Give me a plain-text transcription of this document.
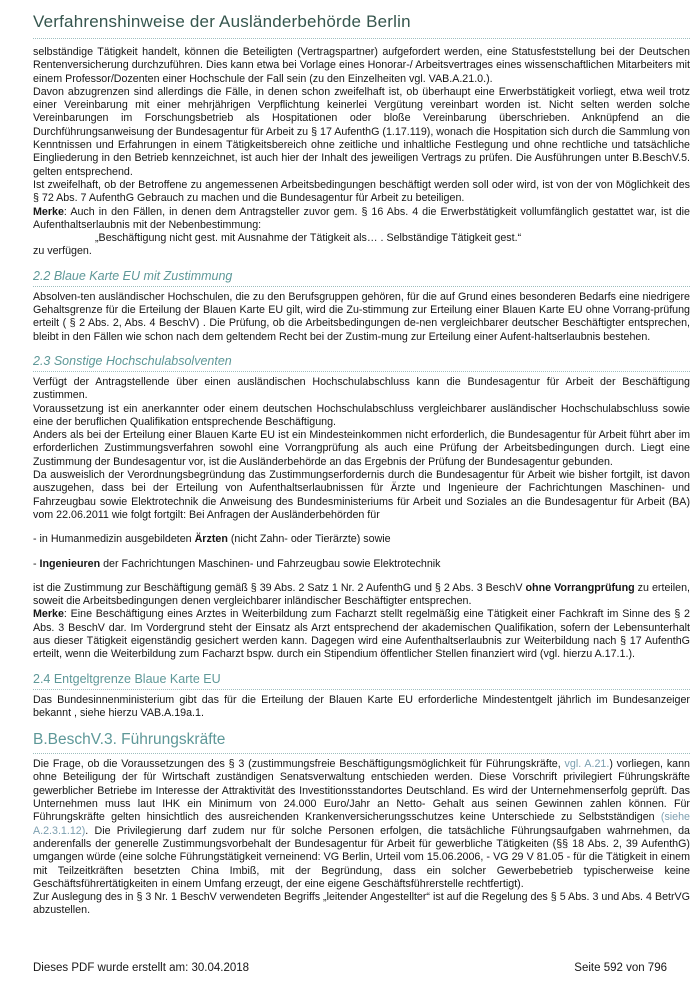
Verfahrenshinweise der Ausländerbehörde Berlin

selbständige Tätigkeit handelt, können die Beteiligten (Vertragspartner) aufgefordert werden, eine Statusfeststellung bei der Deutschen Rentenversicherung durchzuführen. Dies kann etwa bei Vorlage eines Honorar-/ Arbeitsvertrages eines wissenschaftlichen Mitarbeiters mit einem Professor/Dozenten einer Hochschule der Fall sein (zu den Einzelheiten vgl. VAB.A.21.0.).

Davon abzugrenzen sind allerdings die Fälle, in denen schon zweifelhaft ist, ob überhaupt eine Erwerbstätigkeit vorliegt, etwa weil trotz einer Vereinbarung mit einer mehrjährigen Verpflichtung keinerlei Vergütung vereinbart worden ist. Nicht selten werden solche Vereinbarungen im Forschungsbetrieb als Hospitationen oder bloße Vereinbarung überschrieben. Anknüpfend an die Durchführungsanweisung der Bundesagentur für Arbeit zu § 17 AufenthG (1.17.119), wonach die Hospitation sich durch die Sammlung von Kenntnissen und Erfahrungen in einem Tätigkeitsbereich ohne zeitliche und inhaltliche Festlegung und ohne rechtliche und tatsächliche Eingliederung in den Betrieb kennzeichnet, ist auch hier der Inhalt des jeweiligen Vertrags zu prüfen. Die Ausführungen unter B.BeschV.5. gelten entsprechend.

Ist zweifelhaft, ob der Betroffene zu angemessenen Arbeitsbedingungen beschäftigt werden soll oder wird, ist von der von Möglichkeit des § 72 Abs. 7 AufenthG Gebrauch zu machen und die Bundesagentur für Arbeit zu beteiligen.

Merke: Auch in den Fällen, in denen dem Antragsteller zuvor gem. § 16 Abs. 4 die Erwerbstätigkeit vollumfänglich gestattet war, ist die Aufenthaltserlaubnis mit der Nebenbestimmung:

„Beschäftigung nicht gest. mit Ausnahme der Tätigkeit als… . Selbständige Tätigkeit gest.“

zu verfügen.

2.2 Blaue Karte EU mit Zustimmung

Absolven-ten ausländischer Hochschulen, die zu den Berufsgruppen gehören, für die auf Grund eines besonderen Bedarfs eine niedrigere Gehaltsgrenze für die Erteilung der Blauen Karte EU gilt, wird die Zu-stimmung zur Erteilung einer Blauen Karte EU ohne Vorrang-prüfung erteilt ( § 2 Abs. 2, Abs. 4 BeschV) . Die Prüfung, ob die Arbeitsbedingungen de-nen vergleichbarer deutscher Beschäftigter entsprechen, bleibt in den Fällen wie schon nach dem geltendem Recht bei der Zustim-mung zur Erteilung einer Aufent-haltserlaubnis bestehen.

2.3 Sonstige Hochschulabsolventen

Verfügt der Antragstellende über einen ausländischen Hochschulabschluss kann die Bundesagentur für Arbeit der Beschäftigung zustimmen.

Voraussetzung ist ein anerkannter oder einem deutschen Hochschulabschluss vergleichbarer ausländischer Hochschulabschluss sowie eine der beruflichen Qualifikation entsprechende Beschäftigung.

Anders als bei der Erteilung einer Blauen Karte EU ist ein Mindesteinkommen nicht erforderlich, die Bundesagentur für Arbeit führt aber im erforderlichen Zustimmungsverfahren sowohl eine Vorrangprüfung als auch eine Prüfung der Arbeitsbedingungen durch. Liegt eine Zustimmung der Bundesagentur vor, ist die Ausländerbehörde an das Ergebnis der Prüfung der Bundesagentur gebunden.

Da ausweislich der Verordnungsbegründung das Zustimmungserfordernis durch die Bundesagentur für Arbeit wie bisher fortgilt, ist davon auszugehen, dass bei der Erteilung von Aufenthaltserlaubnissen für Ärzte und Ingenieure der Fachrichtungen Maschinen- und Fahrzeugbau sowie Elektrotechnik die Anweisung des Bundesministeriums für Arbeit und Soziales an die Bundesagentur für Arbeit (BA) vom 22.06.2011 wie folgt fortgilt: Bei Anfragen der Ausländerbehörden für

- in Humanmedizin ausgebildeten Ärzten (nicht Zahn- oder Tierärzte) sowie

- Ingenieuren der Fachrichtungen Maschinen- und Fahrzeugbau sowie Elektrotechnik

ist die Zustimmung zur Beschäftigung gemäß § 39 Abs. 2 Satz 1 Nr. 2 AufenthG und § 2 Abs. 3 BeschV ohne Vorrangprüfung zu erteilen, soweit die Arbeitsbedingungen denen vergleichbarer inländischer Beschäftigter entsprechen.

Merke: Eine Beschäftigung eines Arztes in Weiterbildung zum Facharzt stellt regelmäßig eine Tätigkeit einer Fachkraft im Sinne des § 2 Abs. 3 BeschV dar. Im Vordergrund steht der Einsatz als Arzt entsprechend der akademischen Qualifikation, sofern der Lebensunterhalt aus dieser Tätigkeit eigenständig gesichert werden kann. Dagegen wird eine Aufenthaltserlaubnis zur Weiterbildung nach § 17 AufenthG erteilt, wenn die Weiterbildung zum Facharzt bspw. durch ein Stipendium öffentlicher Stellen finanziert wird (vgl. hierzu A.17.1.).

2.4 Entgeltgrenze Blaue Karte EU

Das Bundesinnenministerium gibt das für die Erteilung der Blauen Karte EU erforderliche Mindestentgelt jährlich im Bundesanzeiger bekannt , siehe hierzu VAB.A.19a.1.

B.BeschV.3. Führungskräfte

Die Frage, ob die Voraussetzungen des § 3 (zustimmungsfreie Beschäftigungsmöglichkeit für Führungskräfte, vgl. A.21.) vorliegen, kann ohne Beteiligung der für Wirtschaft zuständigen Senatsverwaltung entschieden werden. Diese Vorschrift privilegiert Führungskräfte gewerblicher Betriebe im Interesse der Attraktivität des Investitionsstandortes Deutschland. Es wird der Unternehmenserfolg geprüft. Das Unternehmen muss laut IHK ein Minimum von 24.000 Euro/Jahr an Netto- Gehalt aus seinen Gewinnen zahlen können. Für Führungskräfte gelten hinsichtlich des ausreichenden Krankenversicherungsschutzes keine Unterschiede zu Selbstständigen (siehe A.2.3.1.12). Die Privilegierung darf zudem nur für solche Personen erfolgen, die tatsächliche Führungsaufgaben wahrnehmen, da anderenfalls der generelle Zustimmungsvorbehalt der Bundesagentur für Arbeit für gewerbliche Tätigkeiten (§§ 18 Abs. 2, 39 AufenthG) umgangen würde (eine solche Führungstätigkeit verneinend: VG Berlin, Urteil vom 15.06.2006, - VG 29 V 81.05 - für die Tätigkeit in einem mit Teilzeitkräften besetzten China Imbiß, mit der Begründung, dass ein solcher Gewerbebetrieb typischerweise keine Geschäftsführertätigkeiten in einem Umfang erzeugt, der eine eigene Geschäftsführerstelle rechtfertigt).

Zur Auslegung des in § 3 Nr. 1 BeschV verwendeten Begriffs „leitender Angestellter“ ist auf die Regelung des § 5 Abs. 3 und Abs. 4 BetrVG abzustellen.

Dieses PDF wurde erstellt am: 30.04.2018	Seite 592 von 796
